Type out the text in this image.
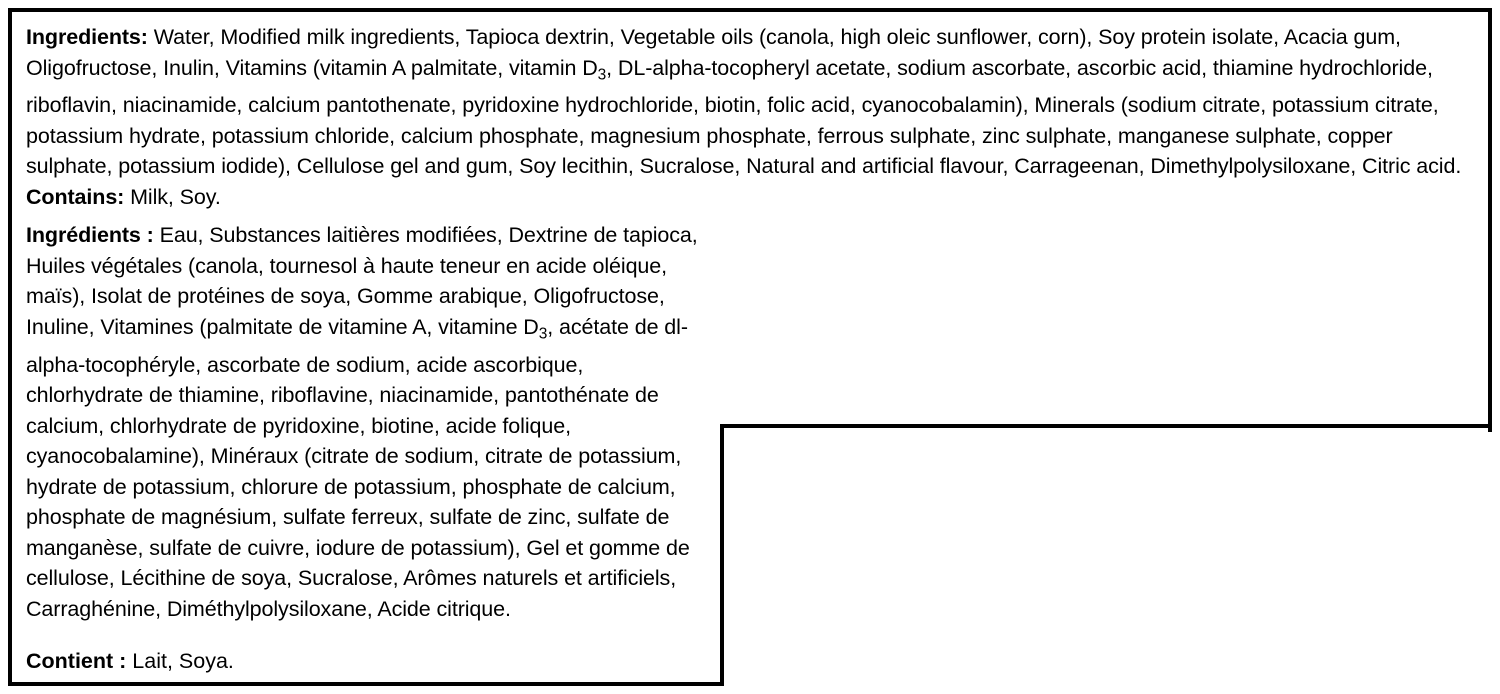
Ingredients: Water, Modified milk ingredients, Tapioca dextrin, Vegetable oils (canola, high oleic sunflower, corn), Soy protein isolate, Acacia gum, Oligofructose, Inulin, Vitamins (vitamin A palmitate, vitamin $D_3$, DL-alpha-tocopheryl acetate, sodium ascorbate, ascorbic acid, thiamine hydrochloride, riboflavin, niacinamide, calcium pantothenate, pyridoxine hydrochloride, biotin, folic acid, cyanocobalamin), Minerals (sodium citrate, potassium citrate, potassium hydrate, potassium chloride, calcium phosphate, magnesium phosphate, ferrous sulphate, zinc sulphate, manganese sulphate, copper sulphate, potassium iodide), Cellulose gel and gum, Soy lecithin, Sucralose, Natural and artificial flavour, Carrageenan, Dimethylpolysiloxane, Citric acid. Contains: Milk, Soy.

Ingrédients : Eau, Substances laitières modifiées, Dextrine de tapioca, Huiles végétales (canola, tournesol à haute teneur en acide oléique, maïs), Isolat de protéines de soya, Gomme arabique, Oligofructose, Inuline, Vitamines (palmitate de vitamine A, vitamine $D_3$, acétate de dl-alpha-tocophéryle, ascorbate de sodium, acide ascorbique, chlorhydrate de thiamine, riboflavine, niacinamide, pantothénate de calcium, chlorhydrate de pyridoxine, biotine, acide folique, cyanocobalamine), Minéraux (citrate de sodium, citrate de potassium, hydrate de potassium, chlorure de potassium, phosphate de calcium, phosphate de magnésium, sulfate ferreux, sulfate de zinc, sulfate de manganèse, sulfate de cuivre, iodure de potassium), Gel et gomme de cellulose, Lécithine de soya, Sucralose, Arômes naturels et artificiels, Carraghénine, Diméthylpolysiloxane, Acide citrique.

Contient : Lait, Soya.
